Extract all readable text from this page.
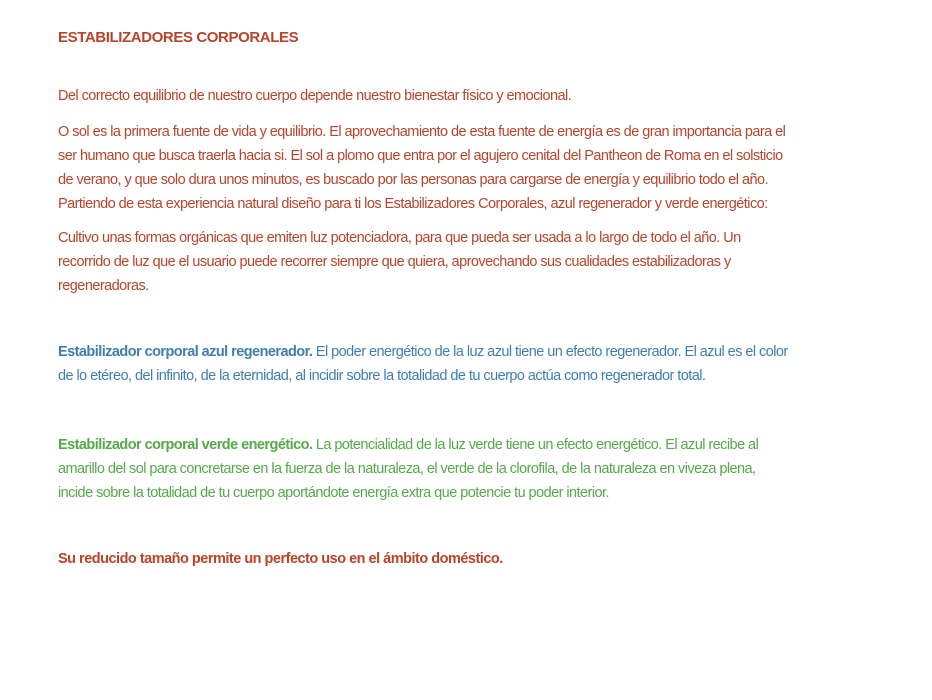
ESTABILIZADORES CORPORALES

Del correcto equilibrio de nuestro cuerpo depende nuestro bienestar físico y emocional.

O sol es la primera fuente de vida y equilibrio. El aprovechamiento de esta fuente de energía es de gran importancia para el ser humano que busca traerla hacia si. El sol a plomo que entra por el agujero cenital del Pantheon de Roma en el solsticio de verano, y que solo dura unos minutos, es buscado por las personas para cargarse de energía y equilibrio todo el año. Partiendo de esta experiencia natural diseño para ti los Estabilizadores Corporales, azul regenerador y verde energético:

Cultivo unas formas orgánicas que emiten luz potenciadora, para que pueda ser usada a lo largo de todo el año. Un recorrido de luz que el usuario puede recorrer siempre que quiera, aprovechando sus cualidades estabilizadoras y regeneradoras.

Estabilizador corporal azul regenerador. El poder energético de la luz azul tiene un efecto regenerador. El azul es el color de lo etéreo, del infinito, de la eternidad, al incidir sobre la totalidad de tu cuerpo actúa como regenerador total.

Estabilizador corporal verde energético. La potencialidad de la luz verde tiene un efecto energético. El azul recibe al amarillo del sol para concretarse en la fuerza de la naturaleza, el verde de la clorofila, de la naturaleza en viveza plena, incide sobre la totalidad de tu cuerpo aportándote energía extra que potencie tu poder interior.

Su reducido tamaño permite un perfecto uso en el ámbito doméstico.
